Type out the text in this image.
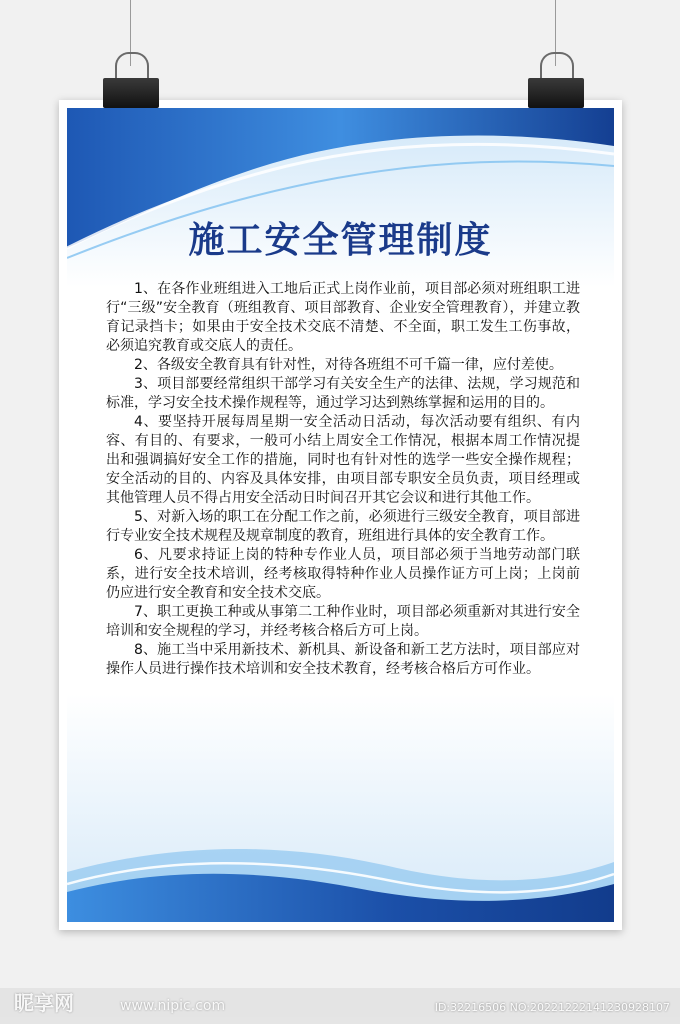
施工安全管理制度

1、在各作业班组进入工地后正式上岗作业前，项目部必须对班组职工进行“三级”安全教育（班组教育、项目部教育、企业安全管理教育），并建立教育记录挡卡；如果由于安全技术交底不清楚、不全面，职工发生工伤事故，必须追究教育或交底人的责任。

2、各级安全教育具有针对性，对待各班组不可千篇一律，应付差使。

3、项目部要经常组织干部学习有关安全生产的法律、法规，学习规范和标准，学习安全技术操作规程等，通过学习达到熟练掌握和运用的目的。

4、要坚持开展每周星期一安全活动日活动，每次活动要有组织、有内容、有目的、有要求，一般可小结上周安全工作情况，根据本周工作情况提出和强调搞好安全工作的措施，同时也有针对性的选学一些安全操作规程；安全活动的目的、内容及具体安排，由项目部专职安全员负责，项目经理或其他管理人员不得占用安全活动日时间召开其它会议和进行其他工作。

5、对新入场的职工在分配工作之前，必须进行三级安全教育，项目部进行专业安全技术规程及规章制度的教育，班组进行具体的安全教育工作。

6、凡要求持证上岗的特种专作业人员，项目部必须于当地劳动部门联系，进行安全技术培训，经考核取得特种作业人员操作证方可上岗；上岗前仍应进行安全教育和安全技术交底。

7、职工更换工种或从事第二工种作业时，项目部必须重新对其进行安全培训和安全规程的学习，并经考核合格后方可上岗。

8、施工当中采用新技术、新机具、新设备和新工艺方法时，项目部应对操作人员进行操作技术培训和安全技术教育，经考核合格后方可作业。

昵享网	www.nipic.com	ID:32216506 NO:20221222141230928107
